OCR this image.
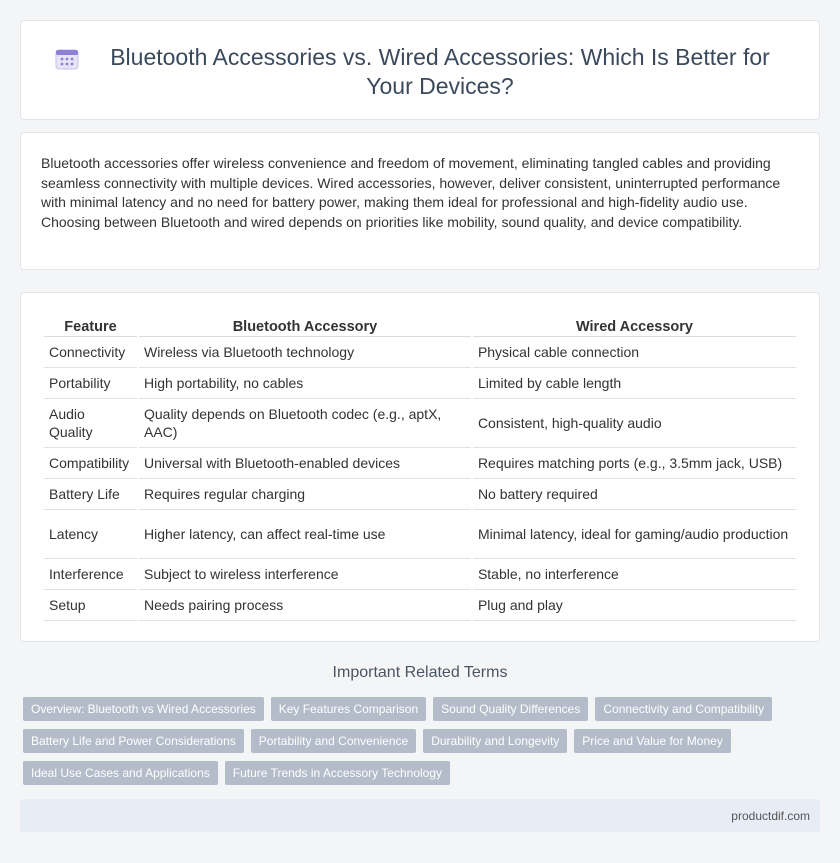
Bluetooth Accessories vs. Wired Accessories: Which Is Better for Your Devices?

Bluetooth accessories offer wireless convenience and freedom of movement, eliminating tangled cables and providing seamless connectivity with multiple devices. Wired accessories, however, deliver consistent, uninterrupted performance with minimal latency and no need for battery power, making them ideal for professional and high-fidelity audio use. Choosing between Bluetooth and wired depends on priorities like mobility, sound quality, and device compatibility.

Feature	Bluetooth Accessory	Wired Accessory
Connectivity	Wireless via Bluetooth technology	Physical cable connection
Portability	High portability, no cables	Limited by cable length
Audio Quality	Quality depends on Bluetooth codec (e.g., aptX, AAC)	Consistent, high-quality audio
Compatibility	Universal with Bluetooth-enabled devices	Requires matching ports (e.g., 3.5mm jack, USB)
Battery Life	Requires regular charging	No battery required
Latency	Higher latency, can affect real-time use	Minimal latency, ideal for gaming/audio production
Interference	Subject to wireless interference	Stable, no interference
Setup	Needs pairing process	Plug and play
Important Related Terms
Overview: Bluetooth vs Wired Accessories	Key Features Comparison	Sound Quality Differences	Connectivity and Compatibility
Battery Life and Power Considerations	Portability and Convenience	Durability and Longevity	Price and Value for Money
Ideal Use Cases and Applications	Future Trends in Accessory Technology
productdif.com
